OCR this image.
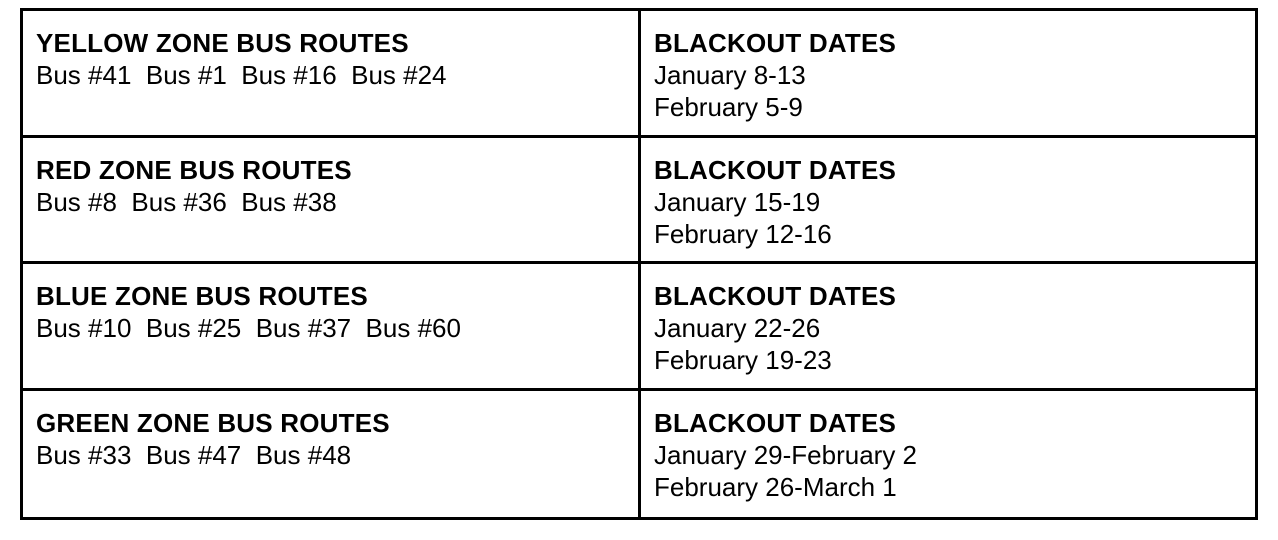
YELLOW ZONE BUS ROUTES
Bus #41  Bus #1  Bus #16  Bus #24
BLACKOUT DATES
January 8-13
February 5-9
RED ZONE BUS ROUTES
Bus #8  Bus #36  Bus #38
BLACKOUT DATES
January 15-19
February 12-16
BLUE ZONE BUS ROUTES
Bus #10  Bus #25  Bus #37  Bus #60
BLACKOUT DATES
January 22-26
February 19-23
GREEN ZONE BUS ROUTES
Bus #33  Bus #47  Bus #48
BLACKOUT DATES
January 29-February 2
February 26-March 1
